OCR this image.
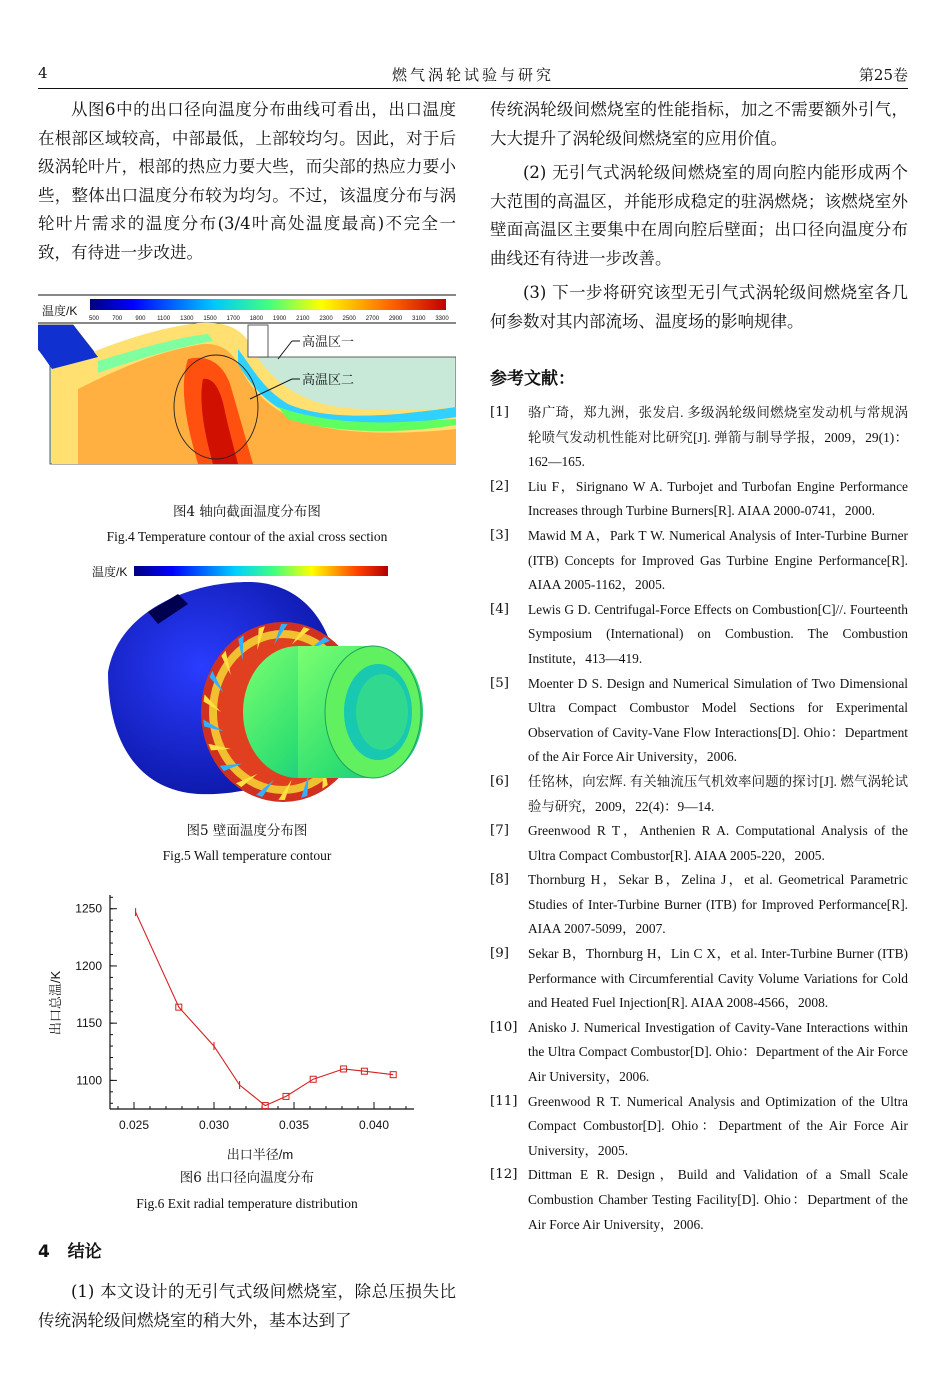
4	燃气涡轮试验与研究	第25卷

从图6中的出口径向温度分布曲线可看出，出口温度在根部区域较高，中部最低，上部较均匀。因此，对于后级涡轮叶片，根部的热应力要大些，而尖部的热应力要小些，整体出口温度分布较为均匀。不过，该温度分布与涡轮叶片需求的温度分布(3/4叶高处温度最高)不完全一致，有待进一步改进。

温度/K
500 700 900 1100 1300 1500 1700 1800 1900 2100 2300 2500 2700 2900 3100 3300
高温区一
高温区二

图4 轴向截面温度分布图

Fig.4 Temperature contour of the axial cross section

温度/K

图5 壁面温度分布图

Fig.5 Wall temperature contour

0.025	0.030	0.035	0.040
1100
1150
1200
1250
出口半径/m
出口总温/K

图6 出口径向温度分布

Fig.6 Exit radial temperature distribution

4   结论

(1) 本文设计的无引气式级间燃烧室，除总压损失比传统涡轮级间燃烧室的稍大外，基本达到了

传统涡轮级间燃烧室的性能指标，加之不需要额外引气，大大提升了涡轮级间燃烧室的应用价值。

(2) 无引气式涡轮级间燃烧室的周向腔内能形成两个大范围的高温区，并能形成稳定的驻涡燃烧；该燃烧室外壁面高温区主要集中在周向腔后壁面；出口径向温度分布曲线还有待进一步改善。

(3) 下一步将研究该型无引气式涡轮级间燃烧室各几何参数对其内部流场、温度场的影响规律。

参考文献：

[1]	骆广琦，郑九洲，张发启. 多级涡轮级间燃烧室发动机与常规涡轮喷气发动机性能对比研究[J]. 弹箭与制导学报，2009，29(1)：162—165.
[2]	Liu F，Sirignano W A. Turbojet and Turbofan Engine Performance Increases through Turbine Burners[R]. AIAA 2000-0741，2000.
[3]	Mawid M A，Park T W. Numerical Analysis of Inter-Turbine Burner (ITB) Concepts for Improved Gas Turbine Engine Performance[R]. AIAA 2005-1162，2005.
[4]	Lewis G D. Centrifugal-Force Effects on Combustion[C]//. Fourteenth Symposium (International) on Combustion. The Combustion Institute，413—419.
[5]	Moenter D S. Design and Numerical Simulation of Two Dimensional Ultra Compact Combustor Model Sections for Experimental Observation of Cavity-Vane Flow Interactions[D]. Ohio：Department of the Air Force Air University，2006.
[6]	任铭林，向宏辉. 有关轴流压气机效率问题的探讨[J]. 燃气涡轮试验与研究，2009，22(4)：9—14.
[7]	Greenwood R T，Anthenien R A. Computational Analysis of the Ultra Compact Combustor[R]. AIAA 2005-220，2005.
[8]	Thornburg H，Sekar B，Zelina J，et al. Geometrical Parametric Studies of Inter-Turbine Burner (ITB) for Improved Performance[R]. AIAA 2007-5099，2007.
[9]	Sekar B，Thornburg H，Lin C X，et al. Inter-Turbine Burner (ITB) Performance with Circumferential Cavity Volume Variations for Cold and Heated Fuel Injection[R]. AIAA 2008-4566，2008.
[10] Anisko J. Numerical Investigation of Cavity-Vane Interactions within the Ultra Compact Combustor[D]. Ohio：Department of the Air Force Air University，2006.
[11] Greenwood R T. Numerical Analysis and Optimization of the Ultra Compact Combustor[D]. Ohio：Department of the Air Force Air University，2005.
[12] Dittman E R. Design，Build and Validation of a Small Scale Combustion Chamber Testing Facility[D]. Ohio：Department of the Air Force Air University，2006.
